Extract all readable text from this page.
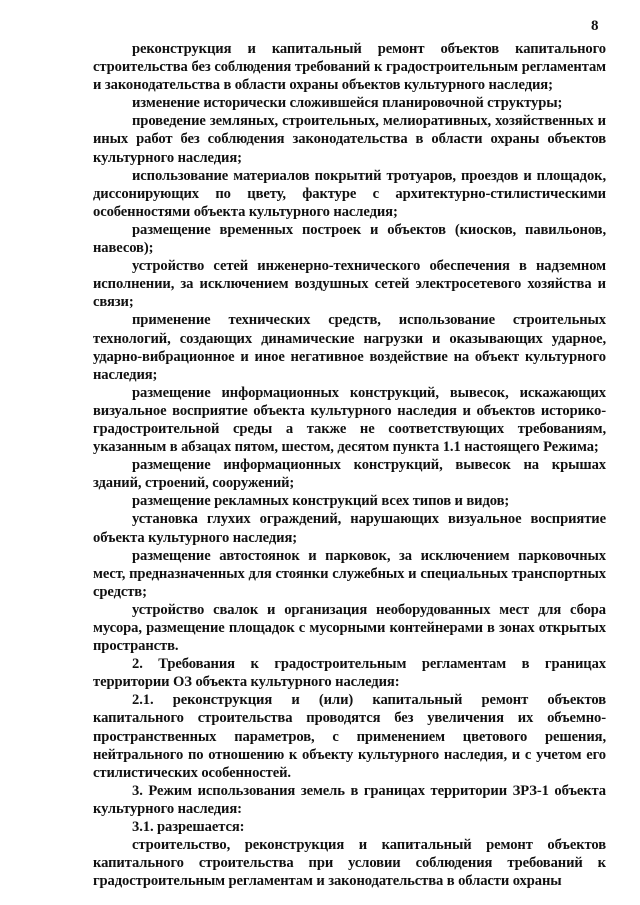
8

реконструкция и капитальный ремонт объектов капитального строительства без соблюдения требований к градостроительным регламентам и законодательства в области охраны объектов культурного наследия;

изменение исторически сложившейся планировочной структуры;

проведение земляных, строительных, мелиоративных, хозяйственных и иных работ без соблюдения законодательства в области охраны объектов культурного наследия;

использование материалов покрытий тротуаров, проездов и площадок, диссонирующих по цвету, фактуре с архитектурно-стилистическими особенностями объекта культурного наследия;

размещение временных построек и объектов (киосков, павильонов, навесов);

устройство сетей инженерно-технического обеспечения в надземном исполнении, за исключением воздушных сетей электросетевого хозяйства и связи;

применение технических средств, использование строительных технологий, создающих динамические нагрузки и оказывающих ударное, ударно-вибрационное и иное негативное воздействие на объект культурного наследия;

размещение информационных конструкций, вывесок, искажающих визуальное восприятие объекта культурного наследия и объектов историко-градостроительной среды а также не соответствующих требованиям, указанным в абзацах пятом, шестом, десятом пункта 1.1 настоящего Режима;

размещение информационных конструкций, вывесок на крышах зданий, строений, сооружений;

размещение рекламных конструкций всех типов и видов;

установка глухих ограждений, нарушающих визуальное восприятие объекта культурного наследия;

размещение автостоянок и парковок, за исключением парковочных мест, предназначенных для стоянки служебных и специальных транспортных средств;

устройство свалок и организация необорудованных мест для сбора мусора, размещение площадок с мусорными контейнерами в зонах открытых пространств.

2. Требования к градостроительным регламентам в границах территории ОЗ объекта культурного наследия:

2.1. реконструкция и (или) капитальный ремонт объектов капитального строительства проводятся без увеличения их объемно-пространственных параметров, с применением цветового решения, нейтрального по отношению к объекту культурного наследия, и с учетом его стилистических особенностей.

3. Режим использования земель в границах территории ЗРЗ-1 объекта культурного наследия:

3.1. разрешается:

строительство, реконструкция и капитальный ремонт объектов капитального строительства при условии соблюдения требований к градостроительным регламентам и законодательства в области охраны
